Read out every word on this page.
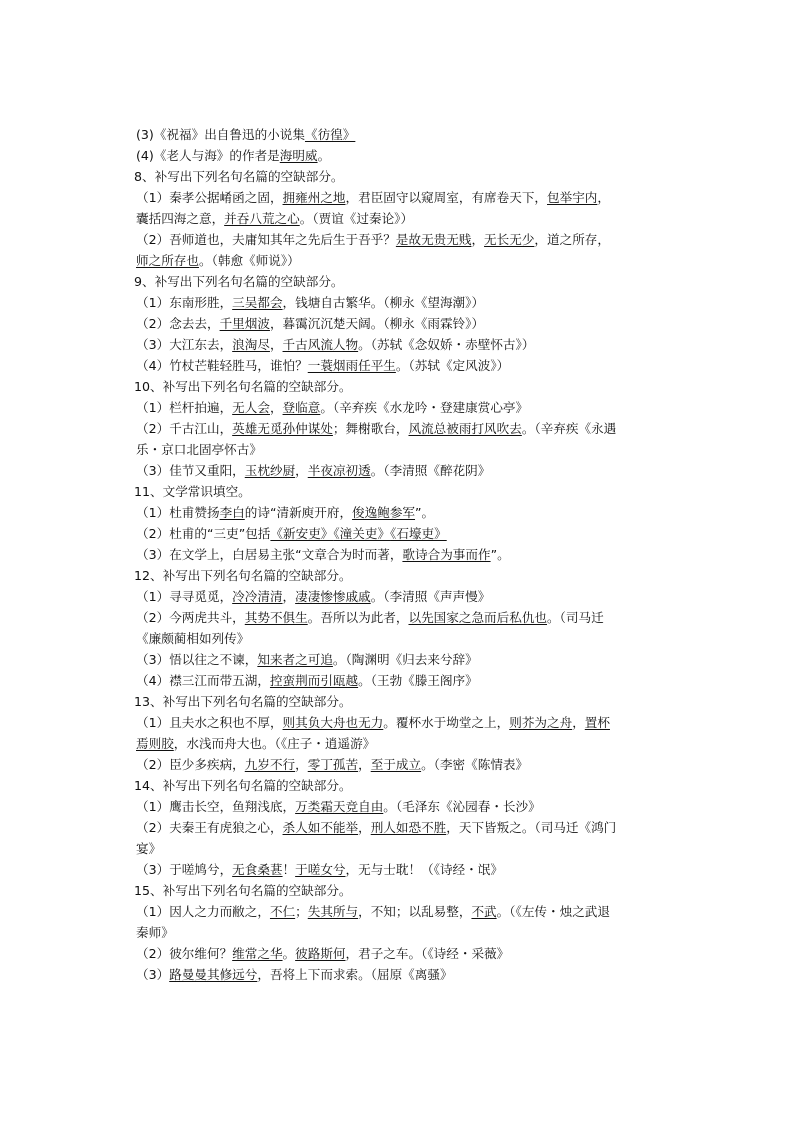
(3)《祝福》出自鲁迅的小说集《彷徨》
(4)《老人与海》的作者是海明威。
8、补写出下列名句名篇的空缺部分。
（1）秦孝公据崤函之固，拥雍州之地，君臣固守以窥周室，有席卷天下，包举宇内，
囊括四海之意，并吞八荒之心。（贾谊《过秦论》）
（2）吾师道也，夫庸知其年之先后生于吾乎？是故无贵无贱，无长无少，道之所存，
师之所存也。（韩愈《师说》）
9、补写出下列名句名篇的空缺部分。
（1）东南形胜，三吴都会，钱塘自古繁华。（柳永《望海潮》）
（2）念去去，千里烟波，暮霭沉沉楚天阔。（柳永《雨霖铃》）
（3）大江东去，浪淘尽，千古风流人物。（苏轼《念奴娇・赤壁怀古》）
（4）竹杖芒鞋轻胜马，谁怕？一蓑烟雨任平生。（苏轼《定风波》）
10、补写出下列名句名篇的空缺部分。
（1）栏杆拍遍，无人会，登临意。（辛弃疾《水龙吟・登建康赏心亭》
（2）千古江山，英雄无觅孙仲谋处；舞榭歌台，风流总被雨打风吹去。（辛弃疾《永遇
乐・京口北固亭怀古》
（3）佳节又重阳，玉枕纱厨，半夜凉初透。（李清照《醉花阴》
11、文学常识填空。
（1）杜甫赞扬李白的诗“清新庾开府，俊逸鲍参军”。
（2）杜甫的“三吏”包括《新安吏》《潼关吏》《石壕吏》
（3）在文学上，白居易主张“文章合为时而著，歌诗合为事而作”。
12、补写出下列名句名篇的空缺部分。
（1）寻寻觅觅，冷冷清清，凄凄惨惨戚戚。（李清照《声声慢》
（2）今两虎共斗，其势不俱生。吾所以为此者，以先国家之急而后私仇也。（司马迁
《廉颇蔺相如列传》
（3）悟以往之不谏，知来者之可追。（陶渊明《归去来兮辞》
（4）襟三江而带五湖，控蛮荆而引瓯越。（王勃《滕王阁序》
13、补写出下列名句名篇的空缺部分。
（1）且夫水之积也不厚，则其负大舟也无力。覆杯水于坳堂之上，则芥为之舟，置杯
焉则胶，水浅而舟大也。（《庄子・逍遥游》
（2）臣少多疾病，九岁不行，零丁孤苦，至于成立。（李密《陈情表》
14、补写出下列名句名篇的空缺部分。
（1）鹰击长空，鱼翔浅底，万类霜天竞自由。（毛泽东《沁园春・长沙》
（2）夫秦王有虎狼之心，杀人如不能举，刑人如恐不胜，天下皆叛之。（司马迁《鸿门
宴》
（3）于嗟鸠兮，无食桑葚！于嗟女兮，无与士耽！（《诗经・氓》
15、补写出下列名句名篇的空缺部分。
（1）因人之力而敝之，不仁；失其所与，不知；以乱易整，不武。（《左传・烛之武退
秦师》
（2）彼尔维何？维常之华。彼路斯何，君子之车。（《诗经・采薇》
（3）路曼曼其修远兮，吾将上下而求索。（屈原《离骚》
